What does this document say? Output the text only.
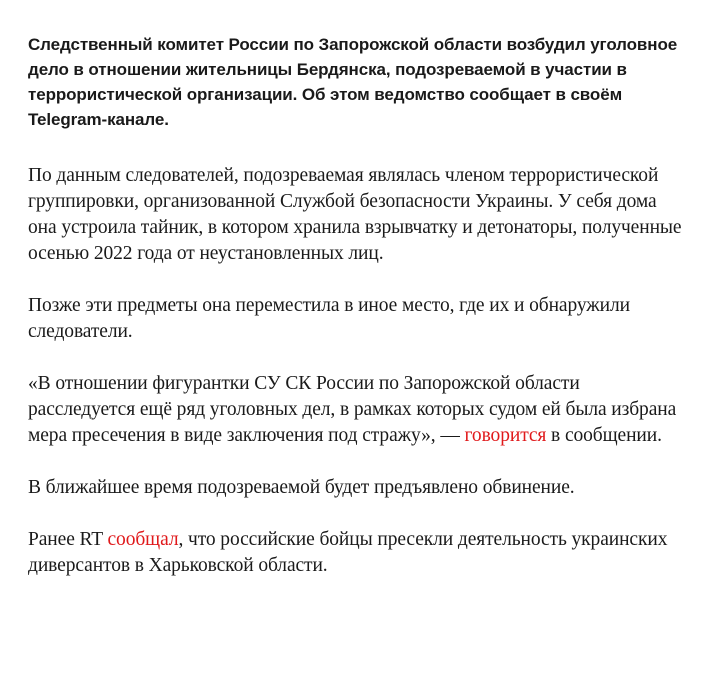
Следственный комитет России по Запорожской области возбудил уголовное дело в отношении жительницы Бердянска, подозреваемой в участии в террористической организации. Об этом ведомство сообщает в своём Telegram-канале.

По данным следователей, подозреваемая являлась членом террористической группировки, организованной Службой безопасности Украины. У себя дома она устроила тайник, в котором хранила взрывчатку и детонаторы, полученные осенью 2022 года от неустановленных лиц.

Позже эти предметы она переместила в иное место, где их и обнаружили следователи.

«В отношении фигурантки СУ СК России по Запорожской области расследуется ещё ряд уголовных дел, в рамках которых судом ей была избрана мера пресечения в виде заключения под стражу», — говорится в сообщении.

В ближайшее время подозреваемой будет предъявлено обвинение.

Ранее RT сообщал, что российские бойцы пресекли деятельность украинских диверсантов в Харьковской области.
